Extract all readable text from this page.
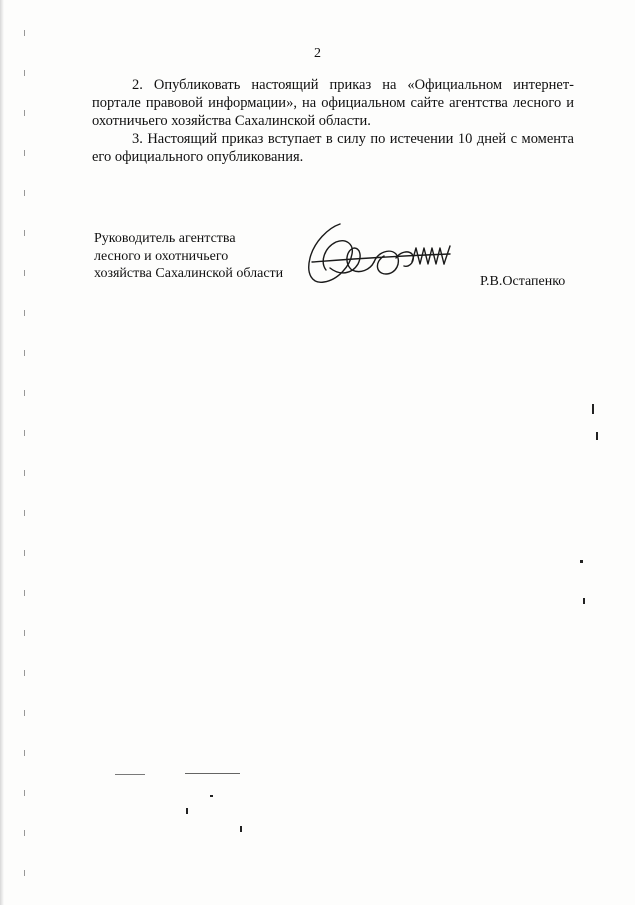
2

2. Опубликовать настоящий приказ на «Официальном интернет-портале правовой информации», на официальном сайте агентства лесного и охотничьего хозяйства Сахалинской области.

3. Настоящий приказ вступает в силу по истечении 10 дней с момента его официального опубликования.

Руководитель агентства
лесного и охотничьего
хозяйства Сахалинской области
Р.В.Остапенко
